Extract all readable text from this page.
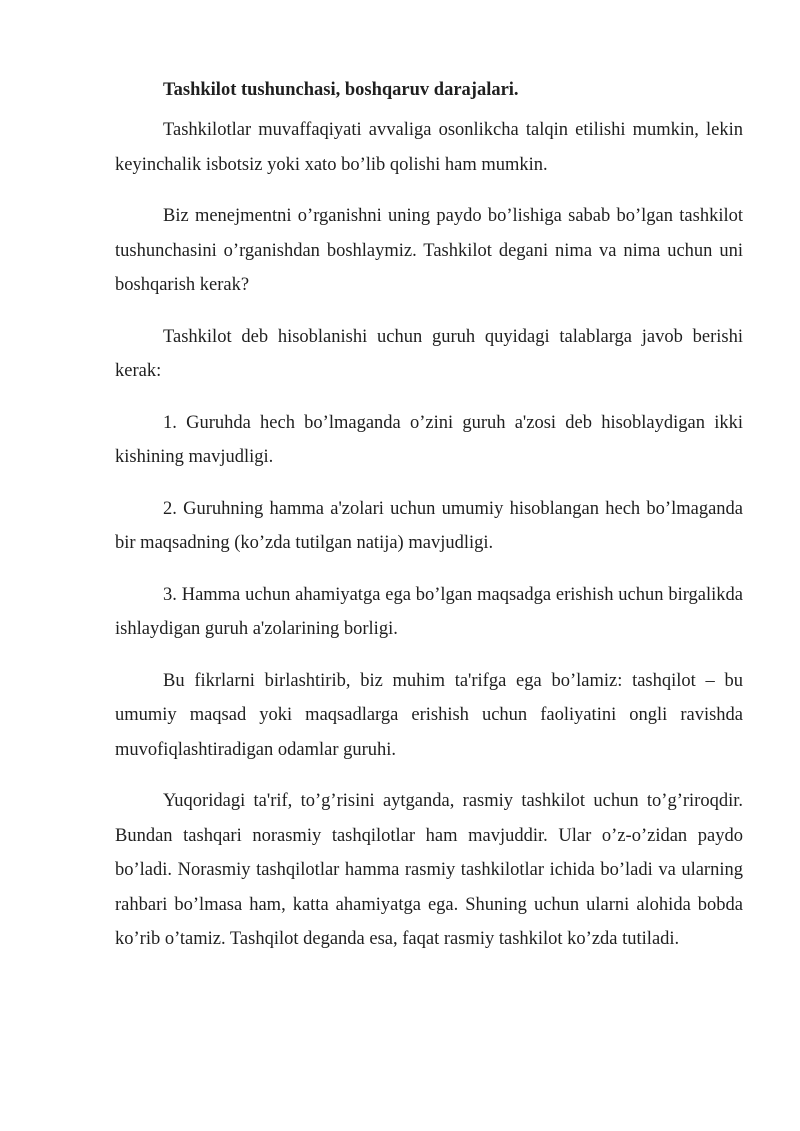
Tashkilot tushunchasi, boshqaruv darajalari.

Tashkilotlar muvaffaqiyati avvaliga osonlikcha talqin etilishi mumkin, lekin keyinchalik isbotsiz yoki xato bo’lib qolishi ham mumkin.

Biz menejmentni o’rganishni uning paydo bo’lishiga sabab bo’lgan tashkilot tushunchasini o’rganishdan boshlaymiz. Tashkilot degani nima va nima uchun uni boshqarish kerak?

Tashkilot deb hisoblanishi uchun guruh quyidagi talablarga javob berishi kerak:

1. Guruhda hech bo’lmaganda o’zini guruh a'zosi deb hisoblaydigan ikki kishining mavjudligi.

2. Guruhning hamma a'zolari uchun umumiy hisoblangan hech bo’lmaganda bir maqsadning (ko’zda tutilgan natija) mavjudligi.

3. Hamma uchun ahamiyatga ega bo’lgan maqsadga erishish uchun birgalikda ishlaydigan guruh a'zolarining borligi.

Bu fikrlarni birlashtirib, biz muhim ta'rifga ega bo’lamiz: tashqilot – bu umumiy maqsad yoki maqsadlarga erishish uchun faoliyatini ongli ravishda muvofiqlashtiradigan odamlar guruhi.

Yuqoridagi ta'rif, to’g’risini aytganda, rasmiy tashkilot uchun to’g’riroqdir. Bundan tashqari norasmiy tashqilotlar ham mavjuddir. Ular o’z-o’zidan paydo bo’ladi. Norasmiy tashqilotlar hamma rasmiy tashkilotlar ichida bo’ladi va ularning rahbari bo’lmasa ham, katta ahamiyatga ega. Shuning uchun ularni alohida bobda ko’rib o’tamiz. Tashqilot deganda esa, faqat rasmiy tashkilot ko’zda tutiladi.
